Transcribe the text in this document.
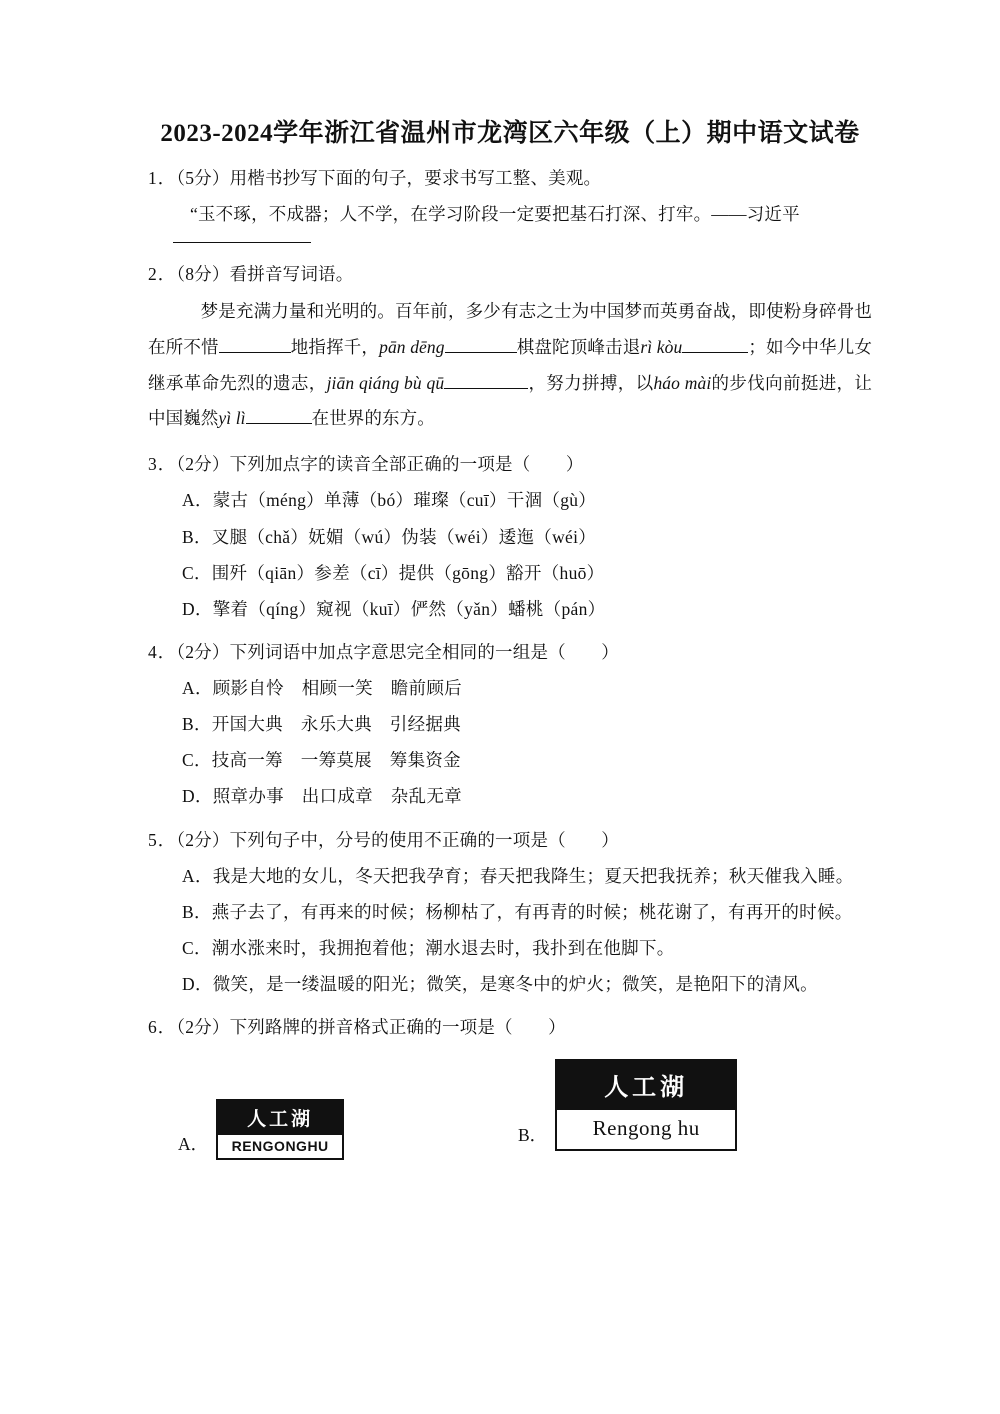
2023-2024学年浙江省温州市龙湾区六年级（上）期中语文试卷

1．（5分）用楷书抄写下面的句子，要求书写工整、美观。

“玉不琢，不成器；人不学，在学习阶段一定要把基石打深、打牢。——习近平

2．（8分）看拼音写词语。

梦是充满力量和光明的。百年前，多少有志之士为中国梦而英勇奋战，即使粉身碎骨也在所不惜	地指挥千，pān dēng	棋盘陀顶峰击退rì kòu	；如今中华儿女继承革命先烈的遗志，jiān qiáng bù qū	，努力拼搏，以háo mài的步伐向前挺进，让中国巍然yì lì	在世界的东方。

3．（2分）下列加点字的读音全部正确的一项是（　　）

A．蒙古（méng）单薄（bó）璀璨（cuī）干涸（gù）

B．叉腿（chǎ）妩媚（wú）伪装（wéi）逶迤（wéi）

C．围歼（qiān）参差（cī）提供（gōng）豁开（huō）

D．擎着（qíng）窥视（kuī）俨然（yǎn）蟠桃（pán）

4．（2分）下列词语中加点字意思完全相同的一组是（　　）

A．顾影自怜　相顾一笑　瞻前顾后

B．开国大典　永乐大典　引经据典

C．技高一筹　一筹莫展　筹集资金

D．照章办事　出口成章　杂乱无章

5．（2分）下列句子中，分号的使用不正确的一项是（　　）

A．我是大地的女儿，冬天把我孕育；春天把我降生；夏天把我抚养；秋天催我入睡。

B．燕子去了，有再来的时候；杨柳枯了，有再青的时候；桃花谢了，有再开的时候。

C．潮水涨来时，我拥抱着他；潮水退去时，我扑到在他脚下。

D．微笑，是一缕温暖的阳光；微笑，是寒冬中的炉火；微笑，是艳阳下的清风。

6．（2分）下列路牌的拼音格式正确的一项是（　　）

A．
人工湖
RENGONGHU
B．
人工湖
Rengong hu
